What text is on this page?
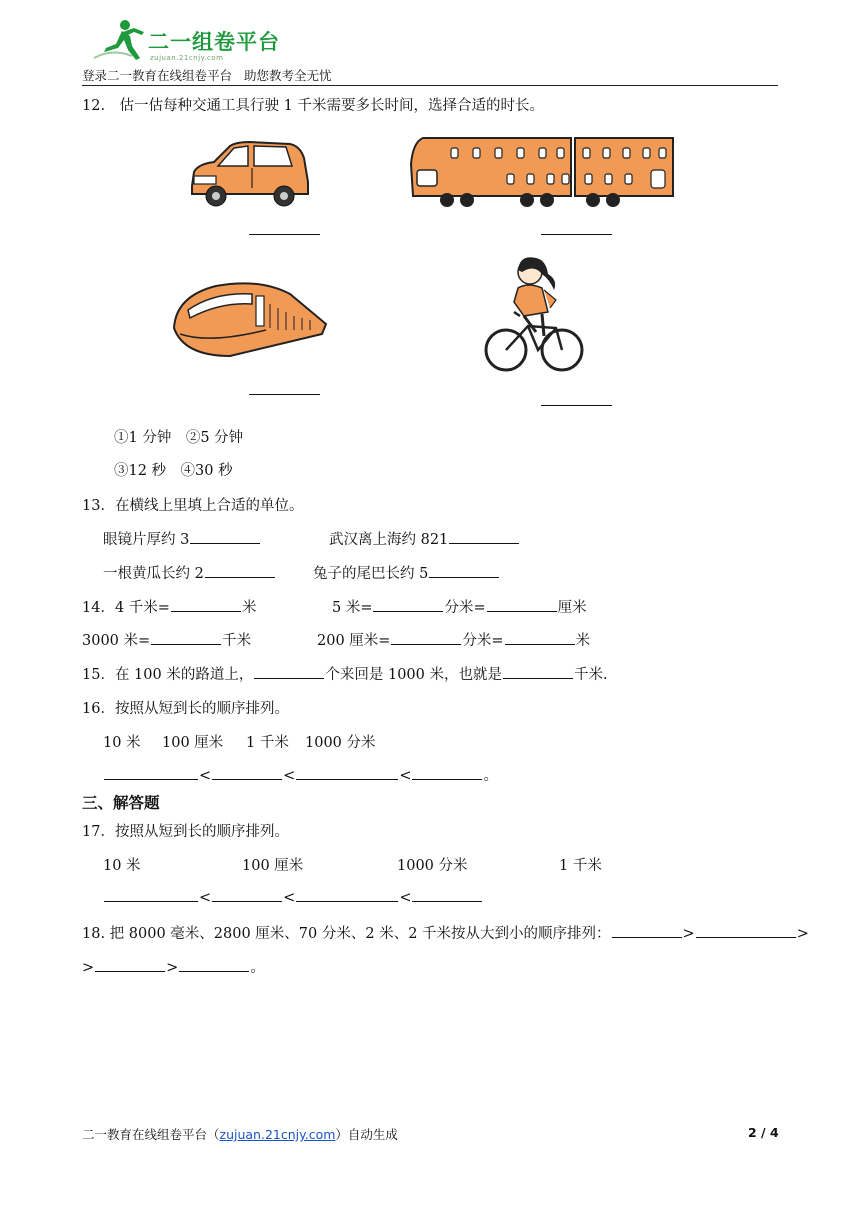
二一组卷平台
zujuan.21cnjy.com
登录二一教育在线组卷平台 助您教考全无忧
12.　估一估每种交通工具行驶 1 千米需要多长时间，选择合适的时长。
①1 分钟　②5 分钟
③12 秒　④30 秒
13．在横线上里填上合适的单位。
眼镜片厚约 3	武汉离上海约 821
一根黄瓜长约 2	兔子的尾巴长约 5
14．4 千米=	米	5 米=	分米=	厘米
3000 米=	千米	200 厘米=	分米=	米
15．在 100 米的路道上，	个来回是 1000 米，也就是	千米.
16．按照从短到长的顺序排列。
10 米 100 厘米 1 千米 1000 分米
<	<	<	。
三、解答题
17．按照从短到长的顺序排列。
10 米	100 厘米	1000 分米	1 千米
<	<	<
18. 把 8000 毫米、2800 厘米、70 分米、2 米、2 千米按从大到小的顺序排列：	>	>
>	>	。
二一教育在线组卷平台（zujuan.21cnjy.com）自动生成	2 / 4
